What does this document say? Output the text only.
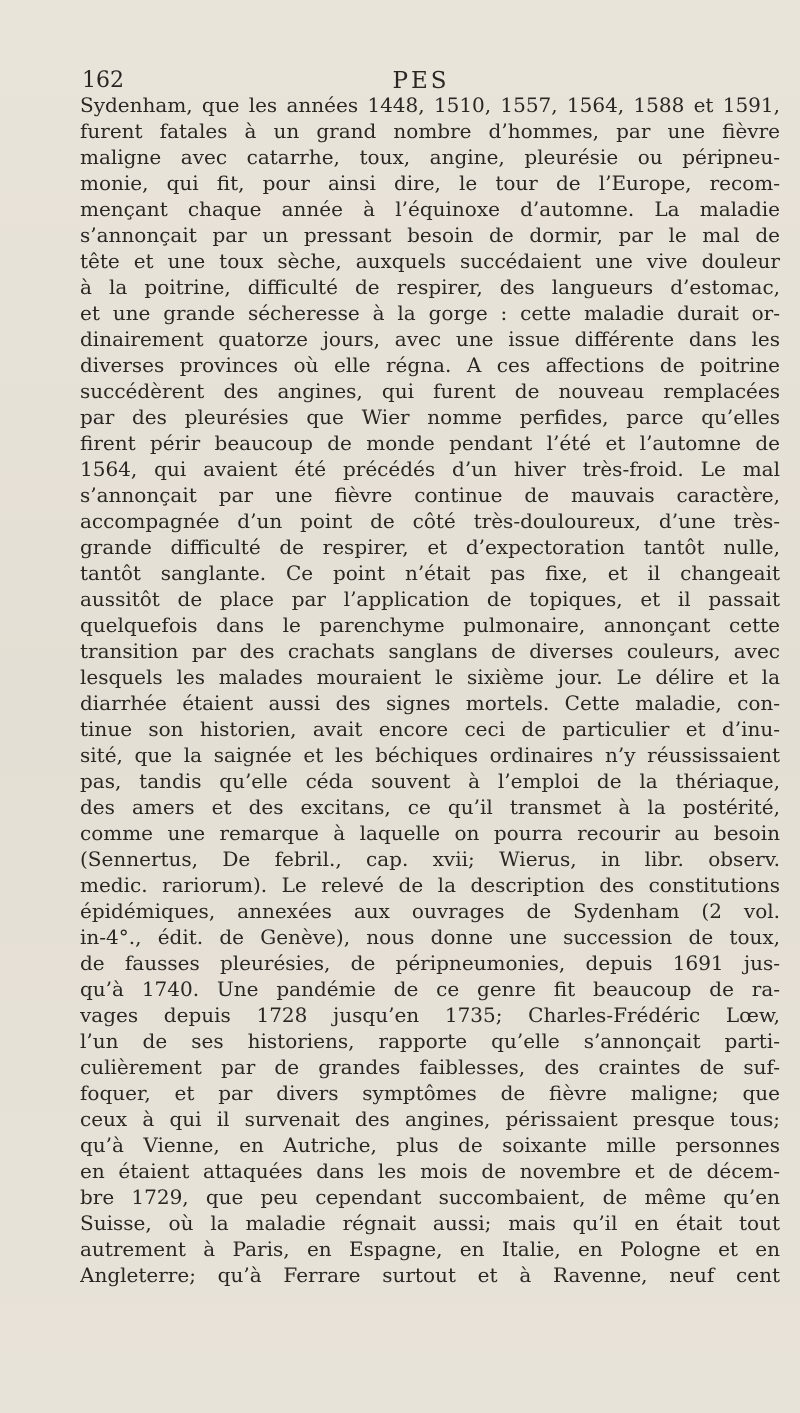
162	PES
Sydenham, que les années 1448, 1510, 1557, 1564, 1588 et 1591,
furent fatales à un grand nombre d’hommes, par une fièvre
maligne avec catarrhe, toux, angine, pleurésie ou péripneu-
monie, qui fit, pour ainsi dire, le tour de l’Europe, recom-
mençant chaque année à l’équinoxe d’automne. La maladie
s’annonçait par un pressant besoin de dormir, par le mal de
tête et une toux sèche, auxquels succédaient une vive douleur
à la poitrine, difficulté de respirer, des langueurs d’estomac,
et une grande sécheresse à la gorge : cette maladie durait or-
dinairement quatorze jours, avec une issue différente dans les
diverses provinces où elle régna. A ces affections de poitrine
succédèrent des angines, qui furent de nouveau remplacées
par des pleurésies que Wier nomme perfides, parce qu’elles
firent périr beaucoup de monde pendant l’été et l’automne de
1564, qui avaient été précédés d’un hiver très-froid. Le mal
s’annonçait par une fièvre continue de mauvais caractère,
accompagnée d’un point de côté très-douloureux, d’une très-
grande difficulté de respirer, et d’expectoration tantôt nulle,
tantôt sanglante. Ce point n’était pas fixe, et il changeait
aussitôt de place par l’application de topiques, et il passait
quelquefois dans le parenchyme pulmonaire, annonçant cette
transition par des crachats sanglans de diverses couleurs, avec
lesquels les malades mouraient le sixième jour. Le délire et la
diarrhée étaient aussi des signes mortels. Cette maladie, con-
tinue son historien, avait encore ceci de particulier et d’inu-
sité, que la saignée et les béchiques ordinaires n’y réussissaient
pas, tandis qu’elle céda souvent à l’emploi de la thériaque,
des amers et des excitans, ce qu’il transmet à la postérité,
comme une remarque à laquelle on pourra recourir au besoin
(Sennertus, De febril., cap. xvii; Wierus, in libr. observ.
medic. rariorum). Le relevé de la description des constitutions
épidémiques, annexées aux ouvrages de Sydenham (2 vol.
in-4°., édit. de Genève), nous donne une succession de toux,
de fausses pleurésies, de péripneumonies, depuis 1691 jus-
qu’à 1740. Une pandémie de ce genre fit beaucoup de ra-
vages depuis 1728 jusqu’en 1735; Charles-Frédéric Lœw,
l’un de ses historiens, rapporte qu’elle s’annonçait parti-
culièrement par de grandes faiblesses, des craintes de suf-
foquer, et par divers symptômes de fièvre maligne; que
ceux à qui il survenait des angines, périssaient presque tous;
qu’à Vienne, en Autriche, plus de soixante mille personnes
en étaient attaquées dans les mois de novembre et de décem-
bre 1729, que peu cependant succombaient, de même qu’en
Suisse, où la maladie régnait aussi; mais qu’il en était tout
autrement à Paris, en Espagne, en Italie, en Pologne et en
Angleterre; qu’à Ferrare surtout et à Ravenne, neuf cent
